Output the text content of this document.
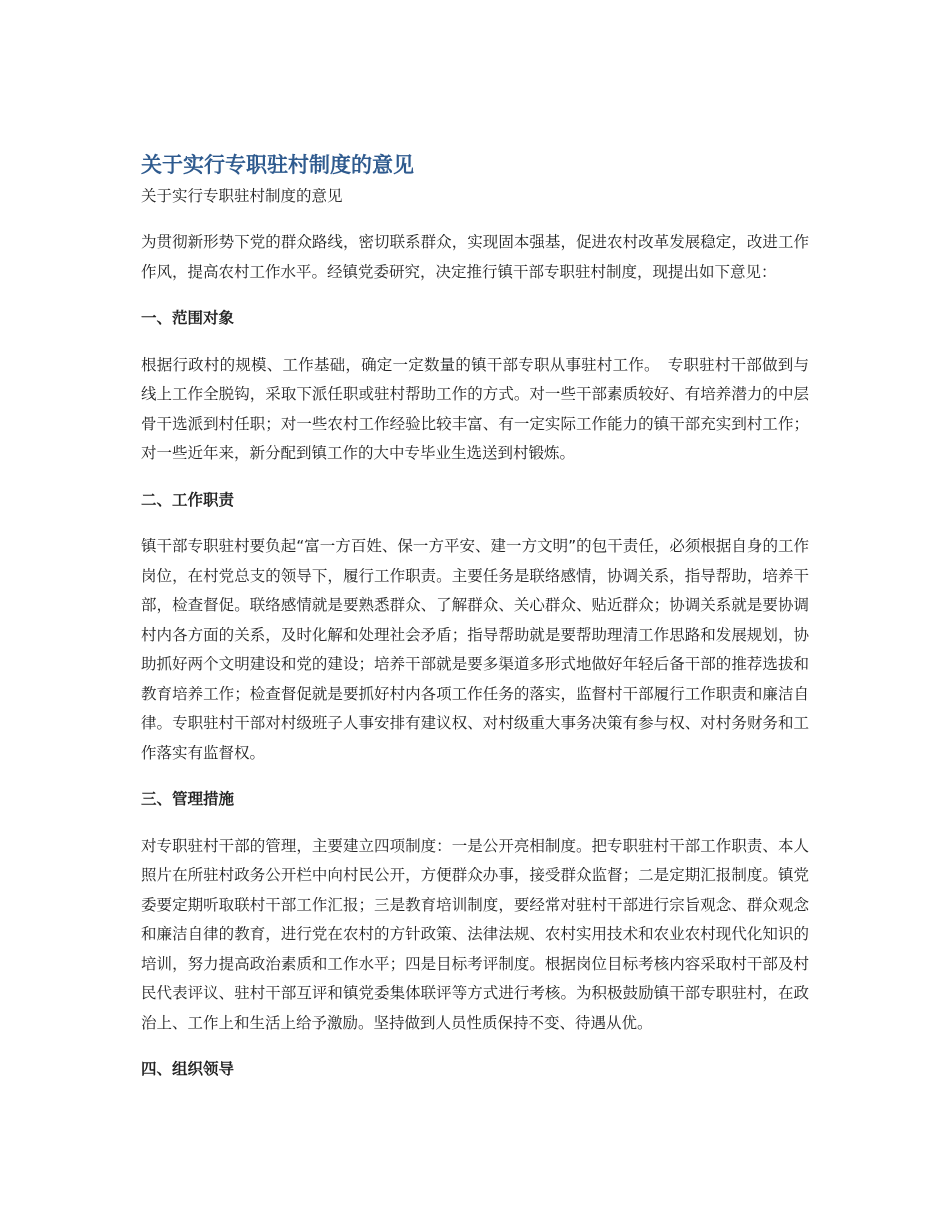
关于实行专职驻村制度的意见

关于实行专职驻村制度的意见

为贯彻新形势下党的群众路线，密切联系群众，实现固本强基，促进农村改革发展稳定，改进工作作风，提高农村工作水平。经镇党委研究，决定推行镇干部专职驻村制度，现提出如下意见：

一、范围对象

根据行政村的规模、工作基础，确定一定数量的镇干部专职从事驻村工作。　专职驻村干部做到与线上工作全脱钩，采取下派任职或驻村帮助工作的方式。对一些干部素质较好、有培养潜力的中层骨干选派到村任职；对一些农村工作经验比较丰富、有一定实际工作能力的镇干部充实到村工作；对一些近年来，新分配到镇工作的大中专毕业生选送到村锻炼。

二、工作职责

镇干部专职驻村要负起“富一方百姓、保一方平安、建一方文明”的包干责任，必须根据自身的工作岗位，在村党总支的领导下，履行工作职责。主要任务是联络感情，协调关系，指导帮助，培养干部，检查督促。联络感情就是要熟悉群众、了解群众、关心群众、贴近群众；协调关系就是要协调村内各方面的关系，及时化解和处理社会矛盾；指导帮助就是要帮助理清工作思路和发展规划，协助抓好两个文明建设和党的建设；培养干部就是要多渠道多形式地做好年轻后备干部的推荐选拔和教育培养工作；检查督促就是要抓好村内各项工作任务的落实，监督村干部履行工作职责和廉洁自律。专职驻村干部对村级班子人事安排有建议权、对村级重大事务决策有参与权、对村务财务和工作落实有监督权。

三、管理措施

对专职驻村干部的管理，主要建立四项制度：一是公开亮相制度。把专职驻村干部工作职责、本人照片在所驻村政务公开栏中向村民公开，方便群众办事，接受群众监督；二是定期汇报制度。镇党委要定期听取联村干部工作汇报；三是教育培训制度，要经常对驻村干部进行宗旨观念、群众观念和廉洁自律的教育，进行党在农村的方针政策、法律法规、农村实用技术和农业农村现代化知识的培训，努力提高政治素质和工作水平；四是目标考评制度。根据岗位目标考核内容采取村干部及村民代表评议、驻村干部互评和镇党委集体联评等方式进行考核。为积极鼓励镇干部专职驻村，在政治上、工作上和生活上给予激励。坚持做到人员性质保持不变、待遇从优。

四、组织领导
